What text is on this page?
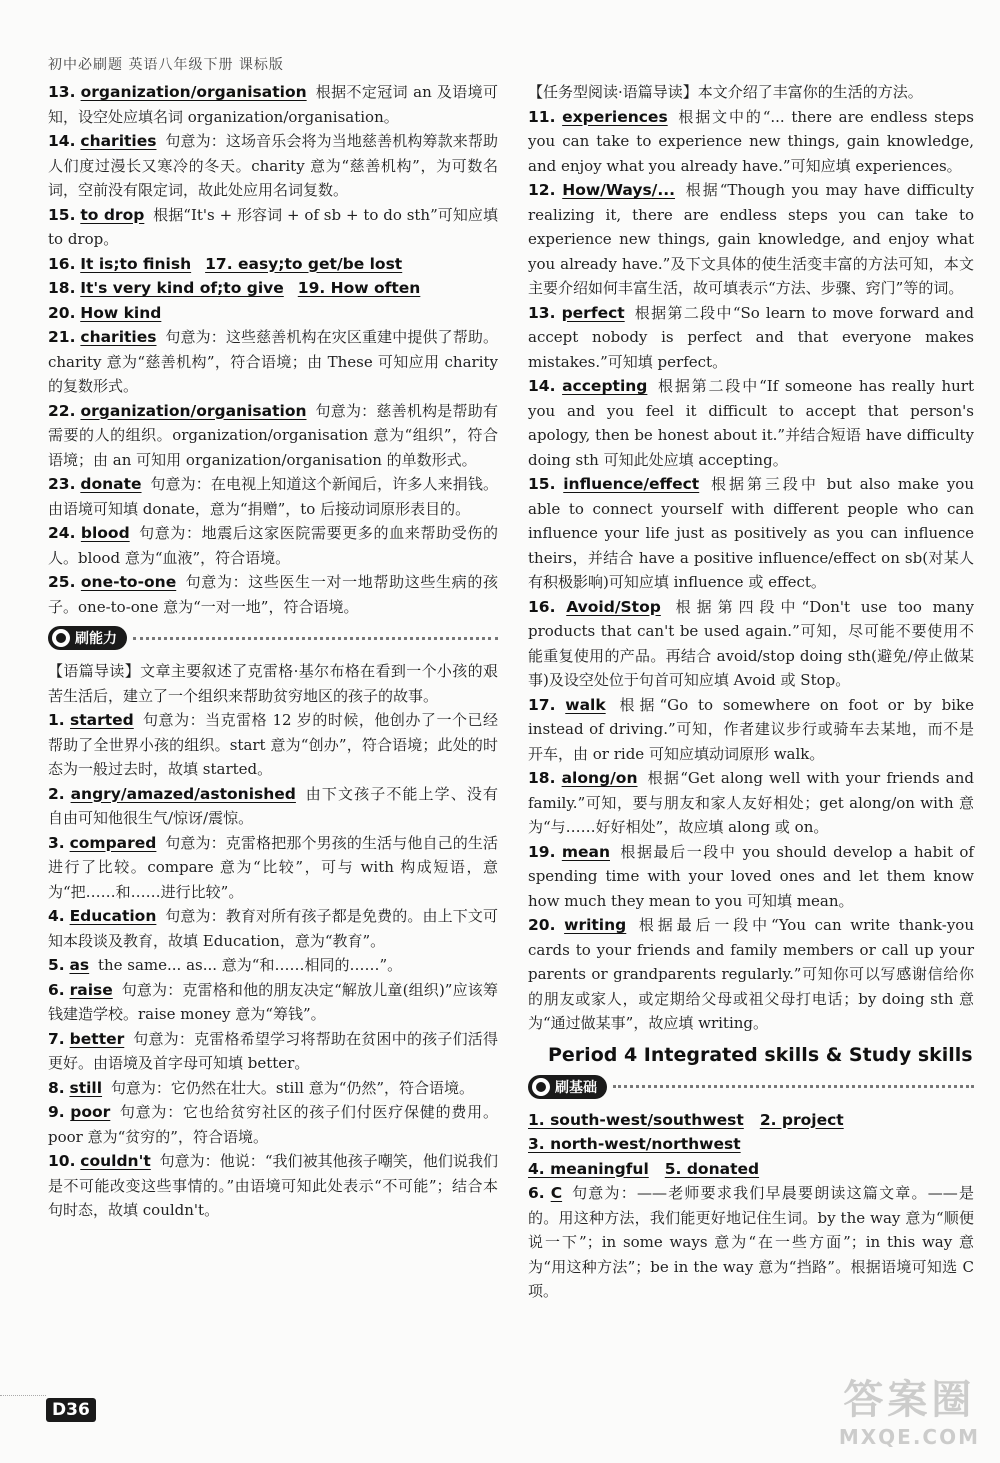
初中必刷题 英语八年级下册 课标版
13. organization/organisation 根据不定冠词 an 及语境可知，设空处应填名词 organization/organisation。
14. charities 句意为：这场音乐会将为当地慈善机构筹款来帮助人们度过漫长又寒冷的冬天。charity 意为“慈善机构”，为可数名词，空前没有限定词，故此处应用名词复数。
15. to drop 根据“It's + 形容词 + of sb + to do sth”可知应填 to drop。
16. It is;to finish 17. easy;to get/be lost
18. It's very kind of;to give 19. How often
20. How kind
21. charities 句意为：这些慈善机构在灾区重建中提供了帮助。charity 意为“慈善机构”，符合语境；由 These 可知应用 charity 的复数形式。
22. organization/organisation 句意为：慈善机构是帮助有需要的人的组织。organization/organisation 意为“组织”，符合语境；由 an 可知用 organization/organisation 的单数形式。
23. donate 句意为：在电视上知道这个新闻后，许多人来捐钱。由语境可知填 donate，意为“捐赠”，to 后接动词原形表目的。
24. blood 句意为：地震后这家医院需要更多的血来帮助受伤的人。blood 意为“血液”，符合语境。
25. one-to-one 句意为：这些医生一对一地帮助这些生病的孩子。one-to-one 意为“一对一地”，符合语境。
刷能力
【语篇导读】文章主要叙述了克雷格·基尔布格在看到一个小孩的艰苦生活后，建立了一个组织来帮助贫穷地区的孩子的故事。
1. started 句意为：当克雷格 12 岁的时候，他创办了一个已经帮助了全世界小孩的组织。start 意为“创办”，符合语境；此处的时态为一般过去时，故填 started。
2. angry/amazed/astonished 由下文孩子不能上学、没有自由可知他很生气/惊讶/震惊。
3. compared 句意为：克雷格把那个男孩的生活与他自己的生活进行了比较。compare 意为“比较”，可与 with 构成短语，意为“把……和……进行比较”。
4. Education 句意为：教育对所有孩子都是免费的。由上下文可知本段谈及教育，故填 Education，意为“教育”。
5. as the same... as... 意为“和……相同的……”。
6. raise 句意为：克雷格和他的朋友决定“解放儿童(组织)”应该筹钱建造学校。raise money 意为“筹钱”。
7. better 句意为：克雷格希望学习将帮助在贫困中的孩子们活得更好。由语境及首字母可知填 better。
8. still 句意为：它仍然在壮大。still 意为“仍然”，符合语境。
9. poor 句意为：它也给贫穷社区的孩子们付医疗保健的费用。poor 意为“贫穷的”，符合语境。
10. couldn't 句意为：他说：“我们被其他孩子嘲笑，他们说我们是不可能改变这些事情的。”由语境可知此处表示“不可能”；结合本句时态，故填 couldn't。
【任务型阅读·语篇导读】本文介绍了丰富你的生活的方法。
11. experiences 根据文中的“... there are endless steps you can take to experience new things, gain knowledge, and enjoy what you already have.”可知应填 experiences。
12. How/Ways/... 根据“Though you may have difficulty realizing it, there are endless steps you can take to experience new things, gain knowledge, and enjoy what you already have.”及下文具体的使生活变丰富的方法可知，本文主要介绍如何丰富生活，故可填表示“方法、步骤、窍门”等的词。
13. perfect 根据第二段中“So learn to move forward and accept nobody is perfect and that everyone makes mistakes.”可知填 perfect。
14. accepting 根据第二段中“If someone has really hurt you and you feel it difficult to accept that person's apology, then be honest about it.”并结合短语 have difficulty doing sth 可知此处应填 accepting。
15. influence/effect 根据第三段中 but also make you able to connect yourself with different people who can influence your life just as positively as you can influence theirs，并结合 have a positive influence/effect on sb(对某人有积极影响)可知应填 influence 或 effect。
16. Avoid/Stop 根据第四段中“Don't use too many products that can't be used again.”可知，尽可能不要使用不能重复使用的产品。再结合 avoid/stop doing sth(避免/停止做某事)及设空处位于句首可知应填 Avoid 或 Stop。
17. walk 根据“Go to somewhere on foot or by bike instead of driving.”可知，作者建议步行或骑车去某地，而不是开车，由 or ride 可知应填动词原形 walk。
18. along/on 根据“Get along well with your friends and family.”可知，要与朋友和家人友好相处；get along/on with 意为“与……好好相处”，故应填 along 或 on。
19. mean 根据最后一段中 you should develop a habit of spending time with your loved ones and let them know how much they mean to you 可知填 mean。
20. writing 根据最后一段中“You can write thank-you cards to your friends and family members or call up your parents or grandparents regularly.”可知你可以写感谢信给你的朋友或家人，或定期给父母或祖父母打电话；by doing sth 意为“通过做某事”，故应填 writing。
Period 4 Integrated skills & Study skills
刷基础
1. south-west/southwest 2. project
3. north-west/northwest
4. meaningful 5. donated
6. C 句意为：——老师要求我们早晨要朗读这篇文章。——是的。用这种方法，我们能更好地记住生词。by the way 意为“顺便说一下”；in some ways 意为“在一些方面”；in this way 意为“用这种方法”；be in the way 意为“挡路”。根据语境可知选 C 项。
D36	答案圈
MXQE.COM
